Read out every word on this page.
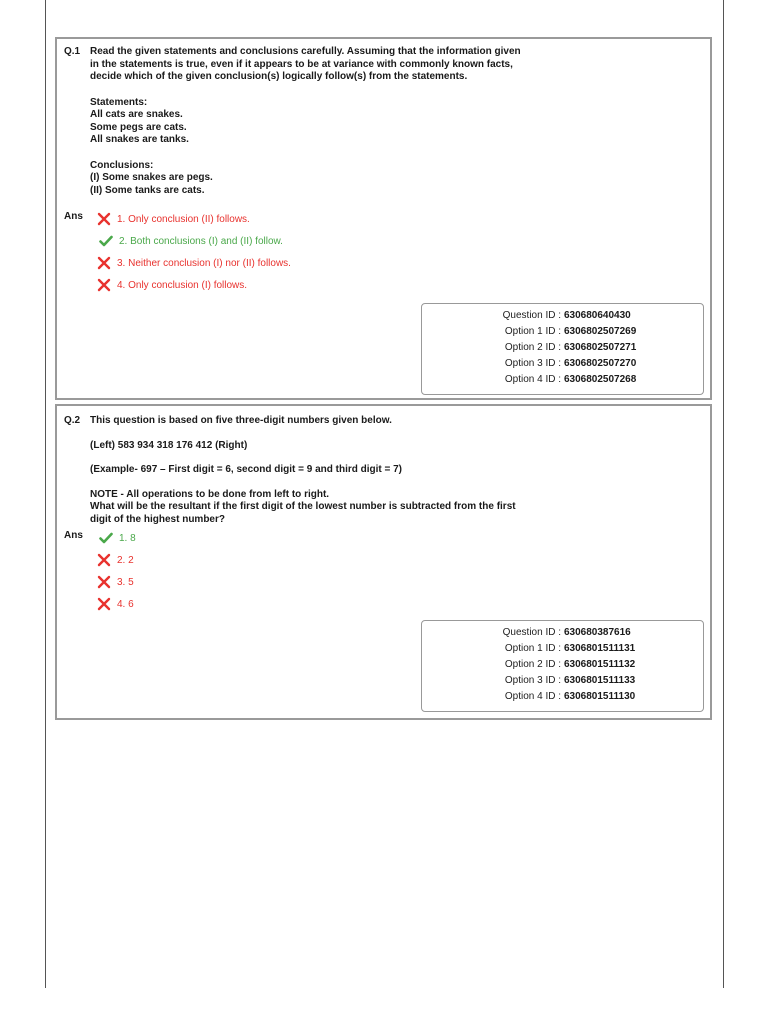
Q.1 Read the given statements and conclusions carefully. Assuming that the information given

in the statements is true, even if it appears to be at variance with commonly known facts,

decide which of the given conclusion(s) logically follow(s) from the statements.

Statements:

All cats are snakes.

Some pegs are cats.

All snakes are tanks.

Conclusions:

(I) Some snakes are pegs.

(II) Some tanks are cats.

Ans	1. Only conclusion (II) follows.
2. Both conclusions (I) and (II) follow.
3. Neither conclusion (I) nor (II) follows.
4. Only conclusion (I) follows.
Question ID : 630680640430
Option 1 ID : 6306802507269
Option 2 ID : 6306802507271
Option 3 ID : 6306802507270
Option 4 ID : 6306802507268
Q.2 This question is based on five three-digit numbers given below.

(Left) 583 934 318 176 412 (Right)

(Example- 697 – First digit = 6, second digit = 9 and third digit = 7)

NOTE - All operations to be done from left to right.

What will be the resultant if the first digit of the lowest number is subtracted from the first

digit of the highest number?

Ans	1. 8
2. 2
3. 5
4. 6
Question ID : 630680387616
Option 1 ID : 6306801511131
Option 2 ID : 6306801511132
Option 3 ID : 6306801511133
Option 4 ID : 6306801511130
